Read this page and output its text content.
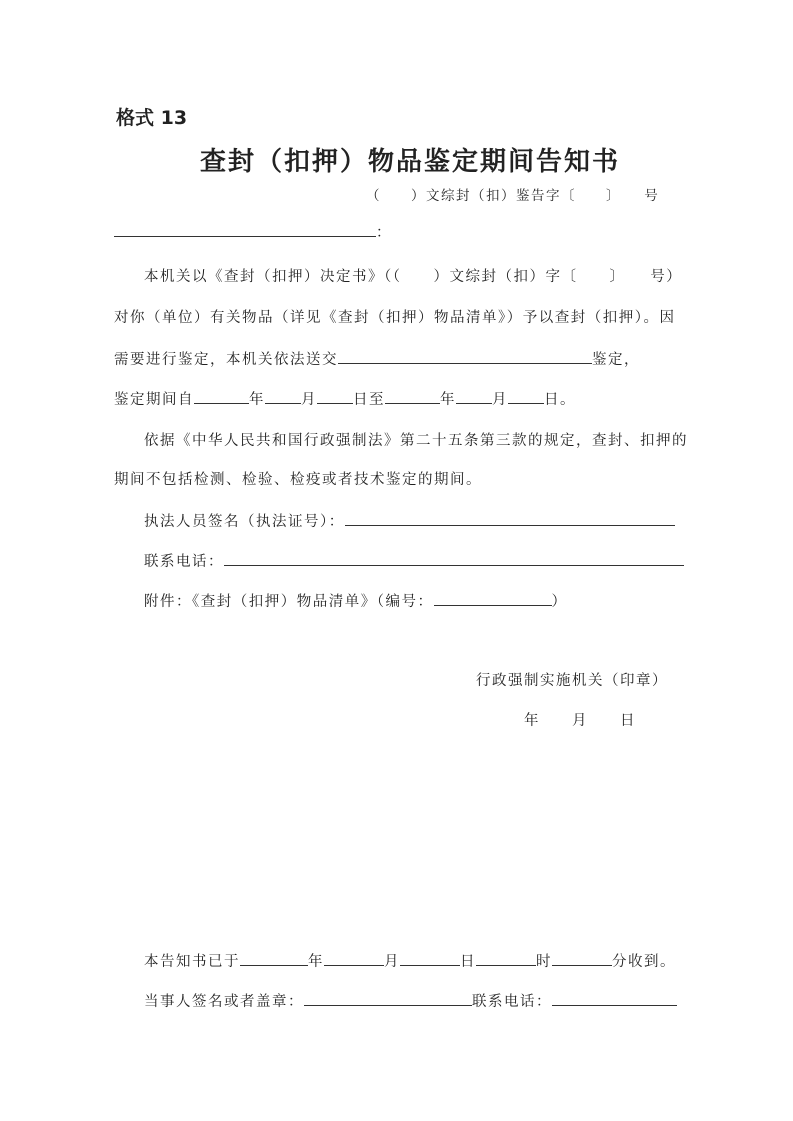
格式 13
查封（扣押）物品鉴定期间告知书
（　　）文综封（扣）鉴告字〔　　〕　　号
：
本机关以《查封（扣押）决定书》（（　　）文综封（扣）字〔　　〕　　号）
对你（单位）有关物品（详见《查封（扣押）物品清单》）予以查封（扣押）。因
需要进行鉴定，本机关依法送交	鉴定，
鉴定期间自	年 月 日至	年 月 日。
依据《中华人民共和国行政强制法》第二十五条第三款的规定，查封、扣押的
期间不包括检测、检验、检疫或者技术鉴定的期间。
执法人员签名（执法证号）：
联系电话：
附件：《查封（扣押）物品清单》（编号：	）
行政强制实施机关（印章）
年　　月　　日
本告知书已于	年	月	日	时	分收到。
当事人签名或者盖章：	联系电话：
